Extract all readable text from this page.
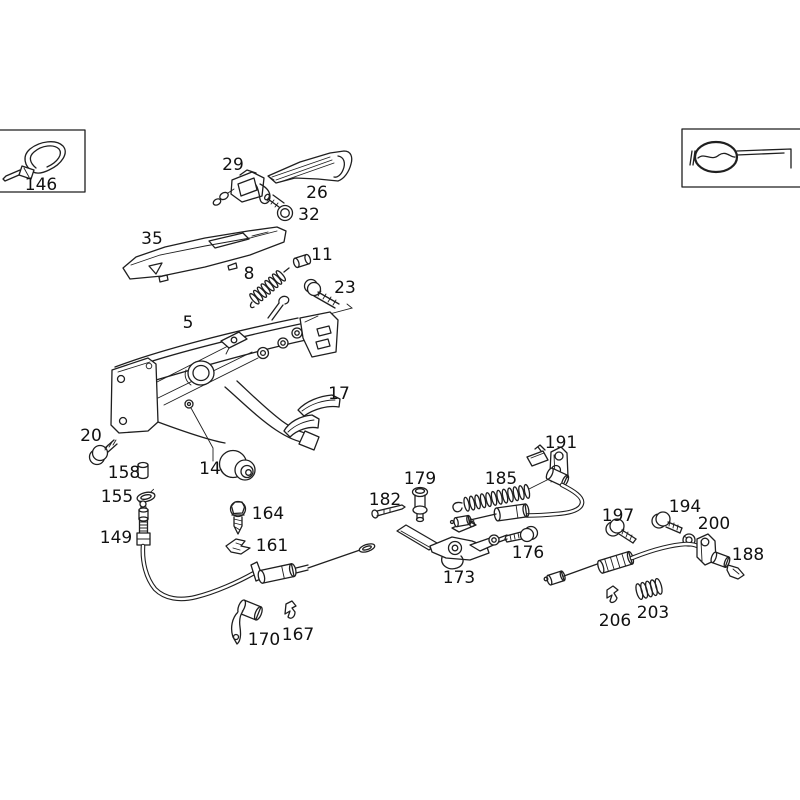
146
29
26
32
35
11
8
23
5
17
20
158	14
155
149
164
161
182
179	185
191
173
176
197 194
200
188
206 203
170 167
